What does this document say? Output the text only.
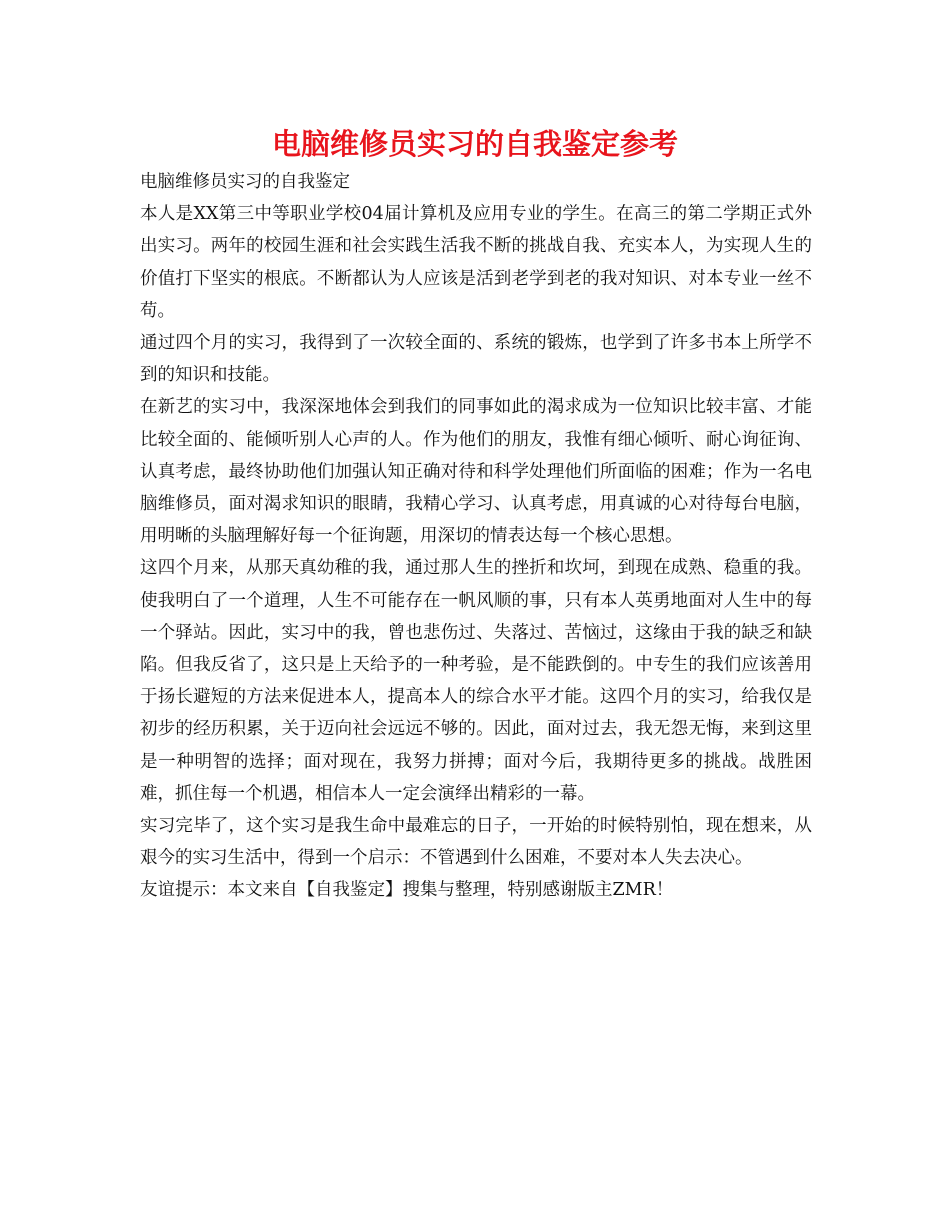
电脑维修员实习的自我鉴定参考

电脑维修员实习的自我鉴定

本人是XX第三中等职业学校04届计算机及应用专业的学生。在高三的第二学期正式外出实习。两年的校园生涯和社会实践生活我不断的挑战自我、充实本人，为实现人生的价值打下坚实的根底。不断都认为人应该是活到老学到老的我对知识、对本专业一丝不苟。

通过四个月的实习，我得到了一次较全面的、系统的锻炼，也学到了许多书本上所学不到的知识和技能。

在新艺的实习中，我深深地体会到我们的同事如此的渴求成为一位知识比较丰富、才能比较全面的、能倾听别人心声的人。作为他们的朋友，我惟有细心倾听、耐心询征询、认真考虑，最终协助他们加强认知正确对待和科学处理他们所面临的困难；作为一名电脑维修员，面对渴求知识的眼睛，我精心学习、认真考虑，用真诚的心对待每台电脑，用明晰的头脑理解好每一个征询题，用深切的情表达每一个核心思想。

这四个月来，从那天真幼稚的我，通过那人生的挫折和坎坷，到现在成熟、稳重的我。使我明白了一个道理，人生不可能存在一帆风顺的事，只有本人英勇地面对人生中的每一个驿站。因此，实习中的我，曾也悲伤过、失落过、苦恼过，这缘由于我的缺乏和缺陷。但我反省了，这只是上天给予的一种考验，是不能跌倒的。中专生的我们应该善用于扬长避短的方法来促进本人，提高本人的综合水平才能。这四个月的实习，给我仅是初步的经历积累，关于迈向社会远远不够的。因此，面对过去，我无怨无悔，来到这里是一种明智的选择；面对现在，我努力拼搏；面对今后，我期待更多的挑战。战胜困难，抓住每一个机遇，相信本人一定会演绎出精彩的一幕。

实习完毕了，这个实习是我生命中最难忘的日子，一开始的时候特别怕，现在想来，从艰今的实习生活中，得到一个启示：不管遇到什么困难，不要对本人失去决心。

友谊提示：本文来自【自我鉴定】搜集与整理，特别感谢版主ZMR！
